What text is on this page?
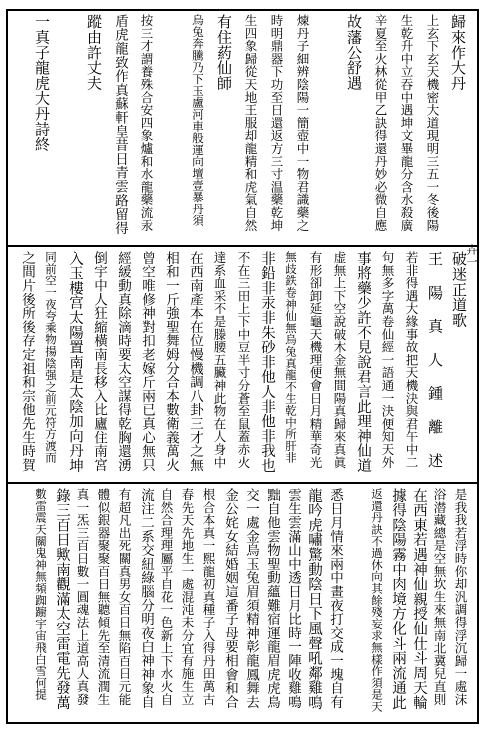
卉一
歸來作大丹
上玄下玄天機密大道現明三五一冬後陽
生乾升中立吞中遇坤文畢龍分含水殺廣
辛夏至火林從甲乙訣得還丹妙必微自應
故藩公舒遇
煉丹子細辨陰陽一簡壺中一物君識藥之
時明鼎器下功至日還返方三寸温藥乾坤
生四象歸從天地王服却龍精和虎氣自然
有住葯仙師
烏兔奔騰乃下玉盧河車般運向壇壹暴丹須
按三才謂養殊合安四象爐和水龍藥流汞
盾虎龍致作真蘇軒皇昔日青雲路留得
蹤由許丈夫
一真子龍虎大丹詩終
破迷正道歌
王 陽 真 人 鍾 離 述
若非得遇大緣事故把天機決與君午中二
句無多字萬卷仙經一語通一決便知天外
事將藥少許不見說君言此理神仙道
虚無上下空說破木金無間陽真歸來真眞
有形卻卸延龜天機理便會日月精華奇光
無歧鉄卷神仙無烏兔真龍不生乾中所肝非
非鉛非汞非朱砂非他人非他非我也
不在三田上下中豆半寸分蒼至鼠蓋赤火
達系血采不是滕腰五臟神此物在人身中
在西南產本在位慢機調八卦三才之無
相和一斤強聖舞姆分合本數衛義萬火
曾空唯修神對扣老嫁斤兩已真心無只
經緩動真除滴時要太空謀得乾胸還湧
倒宇中人狂縮橫南長移入比廬住南宮
入玉樓宫太陽置南是太陰加向丹坤
同前空一夜夸乘物揚陰强之前元符方渡而
之間片後所後存定祖和宗他先生時賀
是我我若浮時你却汎調得浮沉歸一處沫
浴潜藏總是空無坎生來無南北冀兒直則
在西東若遇神仙親授仙仕斗周天輪
據得陰陽霧中肉境方化斗兩流通此
返還丹訣不過休向其餘殘妄求無樣作須是天
悉日月情來兩中畫夜打交成一塊自有
龍吟虎嘯驚動陰日下風聲吼鄰雞鳴
雲生雲滿山中透日月比時一陣收雞鳴
黜自他雲物聖動蘊難宿運龍眉虎虎鳥
交一處金烏玉兔眉須精神彰龍鳳舞去
金公姹女結婚姻這番子母要相會和合
根合本真一熙龍初真種子入得丹田萬古
春先天先地生一處混沌未分宜有施生立
自然合理理屬平自花一色新上下水火自
流注二系交紐綠腦分明夜白神神象自
有超凡出死關真男女百日無陷百日元能
體似銀器聚聚百日無聽傾先至清流潤生
真一炁三百日數一圓魂法上道高人真發
錄三百日歟南觀滿太空雷電先發萬
數雷震天關鬼神無頻踟躕宇宙飛白雪何提
